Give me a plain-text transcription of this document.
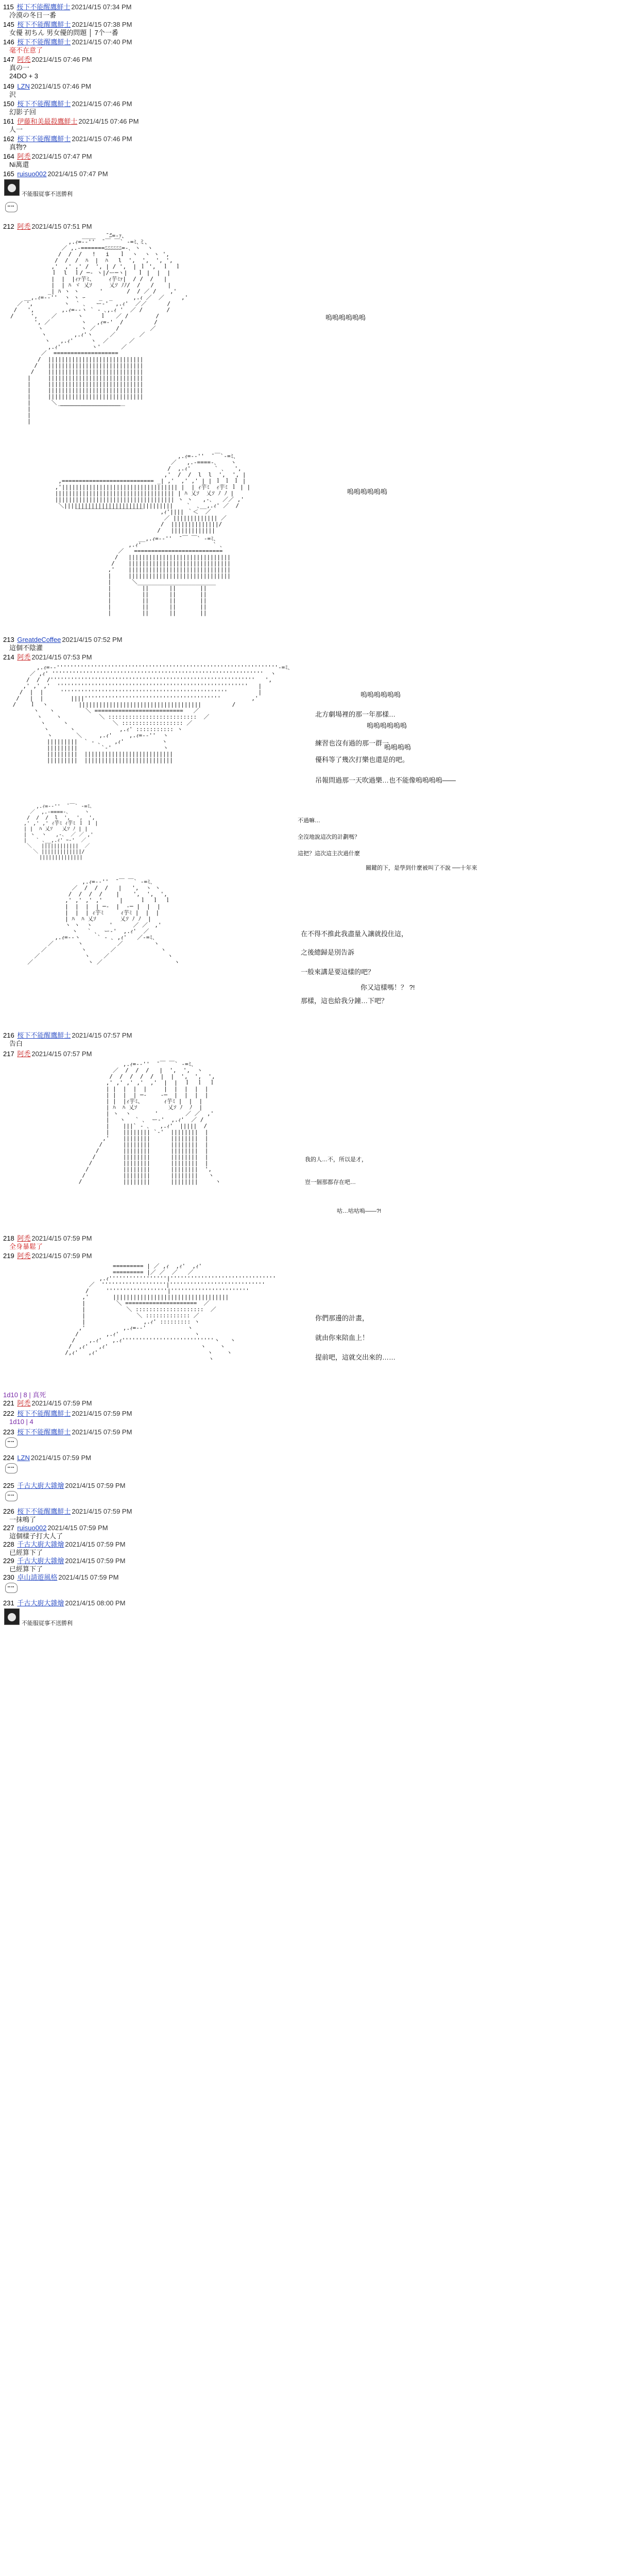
115 桜下不能醒鷹鮮士 2021/4/15 07:34 PM
冷漠の冬日一番
145 桜下不能醒鷹鮮士 2021/4/15 07:38 PM
女優 初ちん 男女優的問題 │ 7个一番
146 桜下不能醒鷹鮮士 2021/4/15 07:40 PM
毫不在意了
147 阿禿 2021/4/15 07:46 PM
真の一
24DO + 3
149 LZN 2021/4/15 07:46 PM
沢
150 桜下不能醒鷹鮮士 2021/4/15 07:46 PM
幻影子回
161 伊藤和美最殺鷹鮮士 2021/4/15 07:46 PM
人一
162 桜下不能醒鷹鮮士 2021/4/15 07:46 PM
真物?
164 阿禿 2021/4/15 07:47 PM
Ni萬還
165 ruisuo002 2021/4/15 07:47 PM
不能服従事不送勝利
212 阿禿 2021/4/15 07:51 PM
____   ̄ ̄ﾆ=-ｧ、
,.ｨ=-‐''  ̄ ￣ ￣` ‐=ﾐ､ミ、
／ ,.-=======ﾆﾆﾆﾆﾆﾆ=-､ ヽ  ヽ
/  /  /   !   i   ｌ  ヽ  ヽ ヽ ',
/  /  /  ﾊ  |  ﾊ   l  ',  ',  ', ',
,'  ,' ,' /  ', | / ',  | ｌ ',  ｌ  ｌ
ｌ  l  ｌ/ ─‐ ヽ|/ー─ヽ|   ｌ |  |  |
|  |  |ｨｧ芋ﾐ、    ｨ芋ﾐｧ|  / /  /   |
|  | ﾊ ヾ 乂ｿ     乂ｿ ﾉﾉ/  /   /    |
_| ﾊ ヽ ヽ      '       /  / ／ /    ,'
__,.ｨ=-‐''  ヽ ヽ ｰ    _  _      ,.ｨ ／  ／     ,'
／ ',         ヽ  ` ､   ー‐'  ,.ｨ'  ／／      /
/   ',        ,.ｨ=-‐ヽ ` ‐ ､,.ｨ '  ／ /       /
/     ',    ／      ヽ     ｌ   ／ /        /
', ／         ヽ   ,ｨ=-'  /         /
ヽ           ヽ ／      /         ／
ヽ        ,.ｨ'ヽ     ／       ／
ヽ   ,.ｨ'     ヽ  ／      ／
,.ｨ'         ヽ'      ／
／  ===================
/  ||||||||||||||||||||||||||||
/   ||||||||||||||||||||||||||||
/    ||||||||||||||||||||||||||||
|     ||||||||||||||||||||||||||||
|     ||||||||||||||||||||||||||||
|     ||||||||||||||||||||||||||||
|     ||||||||||||||||||||||||||||
|      ＼ ___________________
|        ￣￣￣￣￣￣￣￣￣￣￣
|
|

嗚嗚嗚嗚嗚嗚
,.ｨ=-‐''  ̄ ￣`‐=ﾐ､
／   ,.-====-､    ヽ
/  ,.ｨ'       ` ､   ',
,'  /  /  l  l  ',  ', |
,=========================== _| ,'  ,' ,' | | ｌ ｌ ｌ |
,'|||||||||||||||||||||||||||||||||| |  | ｨ芋ﾐ  ｨ芋ﾐ ｌ | |
||||||||||||||||||||||||||||||||||| | ﾊ 乂ｿ  乂ｿ ﾉ ﾉ |
||||||||||||||||||||||||||||||||||| ヽ ヽ   ,-､   ／／ ,'
＼||||||||||||||||||||||||||||||||    `  ､__,.ｨ' ／  /
￣￣￣￣￣￣￣￣￣￣￣￣     ,ｨ'|||| ｀＜  ／
／ ||||||||||||| ／
/  ||||||||||||||/
/   |||||||||||||

嗚嗚嗚嗚嗚嗚
__,.ｨ=-‐''  ̄ ￣ ￣` ‐=ﾐ､
,.ｨ'                     ` ､
／   ==========================
/   ||||||||||||||||||||||||||||||
/    ||||||||||||||||||||||||||||||
,'    ||||||||||||||||||||||||||||||
|     ||||||||||||||||||||||||||||||
|      ＼_______________________
|         ||      ||       ||
|         ||      ||       ||
|         ||      ||       ||
|         ||      ||       ||
|         ||      ||       ||

213 GreatdeCoffee 2021/4/15 07:52 PM
這個不陰灌
214 阿禿 2021/4/15 07:53 PM
,.ｨ=-‐'''''''''''''''''''''''''''''''''''''''''''''''''''''''''''''''''‐=ﾐ､
／ ,ｨ' ''''''''''''''''''''''''''''''''''''''''''''''''''''''''''''''  ヽ
/  /  /''''''''''''''''''''''''''''''''''''''''''''''''''''''''''''   ',
,' ,' ,'  ''''''''''''''''''''''''''''''''''''''''''''''''''''''''   |
/  |  |     '''''''''''''''''''''''''''''''''''''''''''''''''         |
/   |  |        ||||''''''''''''''''''''''''''''''''''''''''         ,'
/    ｌ  ヽ         ||||||||||||||||||||||||||||||||||||         /
ヽ   ヽ         ＼ ==========================   ／
ヽ    ヽ           ＼ ::::::::::::::::::::::::::  ／
ヽ     ヽ             ＼ :::::::::::::::::: ／
ヽ      ヽ             ,.ｨ' ::::::::::: ヽ
ヽ       ＼     ,.ｨ'     ,.ｨ=-‐''  ヽ
|||||||||  ` ‐ ､    ,ｨ'           ヽ
|||||||||       `‐'               ヽ
|||||||||  ||||||||||||||||||||||||||
|||||||||  ||||||||||||||||||||||||||

嗚嗚嗚嗚嗚嗚
北方劇場裡的那一年那樣…
嗚嗚嗚嗚嗚嗚
練習也沒有過的那一群一
嗚嗚嗚嗚
優科等了幾次打樂也還是的吧。
吊報問過那一天吹過樂…也不能像嗚嗚嗚嗚——
,.ｨ=-‐''  ̄ ￣` ‐=ﾐ､
／  ,.-====-､     ヽ
/  /  /  l  ',  ',  ',
,' ,' ,' ｨ芋ﾐ ｨ芋ﾐ ｌ ｌ |
| |  ﾊ 乂ｿ   乂ｿ ﾉ | |
| ヽ  ヽ   ,-､  ／ ／ ,'
|   ` ､__,.ｨ' ｰ‐'  ／
＼   ||||||||||||  ／
＼ |||||||||||||/
||||||||||||||

不過嘛…
全沒地說這次的計劃嗎？
這把？這次這主次過什麼
關鍵的下，是學到什麼被叫了不說 ──十年來
,.ｨ=-‐''  ̄ ￣ ￣` ‐=ﾐ､
／  /  /  /   |   ',  ヽ ヽ
/  /  /  /    |    ',  ',  ',
,' ,' ,' ,'     |     ｌ  ｌ  ｌ
|  |  |  | ─‐  |  ‐─ |  |  |
|  |  | ｨ芋ﾐ     ｨ芋ﾐ |  |  |
| ﾊ  ﾊ 乂ｿ       乂ｿ ﾉ ﾉ  |
ヽ ヽ  ヽ     '      ／ ／  ,'
ヽ   ` ､  ー‐'  ,.ｨ'  ／
,.ｨ=-‐ヽ     ` ‐ ､ ,ｨ'   ／‐=ﾐ､
／       ヽ          ／         ヽ
／          ヽ       ／             ヽ
／             ヽ    ／                 ヽ
／                ヽ ／                     ヽ

在不得不推此我盡量入讓就投住這，
之後總歸是別告訴
一般來講是要這樣的吧？
你又這樣嗎！？ ?!
那樣，這也給我分鐘…下吧？
216 桜下不能醒鷹鮮士 2021/4/15 07:57 PM
告白
217 阿禿 2021/4/15 07:57 PM
,.ｨ=-‐''  ̄ ￣ ￣` ‐=ﾐ､
／  /  /  /   |  ',  ',  ヽ
/  /  /  /  /  |  |  ',  ',  ',
,' ,' ,' ,'  ,'  |  |  ｌ  ｌ  ｌ
| |  |  |  |     |  |  |  |  |
| |  |  | ─‐    ‐─  |  |  |  |
| |  |ｨ芋ﾐ、      ｨ芋ﾐ |  |  |
| ﾊ  ﾊ 乂ｿ         乂ｿ ﾉ  ﾉ  |
| ヽ  ヽ       '        ／ ／  ,'
|   ヽ   ` ､  ー‐'  ,.ｨ'  ／ /
|    |||` ‐ ､   ,.ｨ'  |||||  /
|    |||||||| `‐'  ||||||||  |
,'    ||||||||      ||||||||  |
/      ||||||||      ||||||||  |
/       ||||||||      ||||||||  |
/        ||||||||      ||||||||  |
/         ||||||||      ||||||||  |
/          ||||||||      ||||||||  ',
/           ||||||||      ||||||||   ヽ
/            ||||||||      ||||||||     ヽ

我的人…不，所以是才，
豈一個那都存在吧…
咕…咕咕嗚——?!
218 阿禿 2021/4/15 07:59 PM
全身暴鬆了
219 阿禿 2021/4/15 07:59 PM
========= | ／ ,ｨ  ,ｨ'  ,ｨ'
========= |／ ／  ／   ／
,.ｨ'''''''''''''''''|'''''''''''''''''''''''''''''''
／  '''''''''''''''''''|''''''''''''''''''''''''''''
/     ''''''''''''''''''|'''''''''''''''''''''''
,'       ||||||||||||||||||||||||||||||||||
|         ＼ =====================  ／
|            ＼ ::::::::::::::::::::  ／
|               ＼ ::::::::::::: ／
|                 ,.ｨ' ::::::::: ヽ
,'           ,.ｨ=-‐'            ヽ
/        ,.ｨ'                      ヽ
/    ,.ｨ'   ,.ｨ'''''''''''''''''''''''''''ヽ   ヽ
/  ,ｨ'   ,ｨ'                           ヽ    ヽ
/,ｨ'   ,ｨ'                                ヽ    ヽ
ヽ

你們那邊的計畫，
就由你來陪血上！
提前吧，這就交出來的……
1d10 | 8 | 真死
221 阿禿 2021/4/15 07:59 PM
222 桜下不能醒鷹鮮士 2021/4/15 07:59 PM
1d10 | 4
223 桜下不能醒鷹鮮士 2021/4/15 07:59 PM
224 LZN 2021/4/15 07:59 PM
225 千古大廚大雜燴 2021/4/15 07:59 PM
226 桜下不能醒鷹鮮士 2021/4/15 07:59 PM
一抹鳴了
227 ruisuo002 2021/4/15 07:59 PM
這個樣子打大人了
228 千古大廚大雜燴 2021/4/15 07:59 PM
已經算下了
229 千古大廚大雜燴 2021/4/15 07:59 PM
已經算下了
230 卓山請遊風格 2021/4/15 07:59 PM
231 千古大廚大雜燴 2021/4/15 08:00 PM
不能服従事不送勝利
